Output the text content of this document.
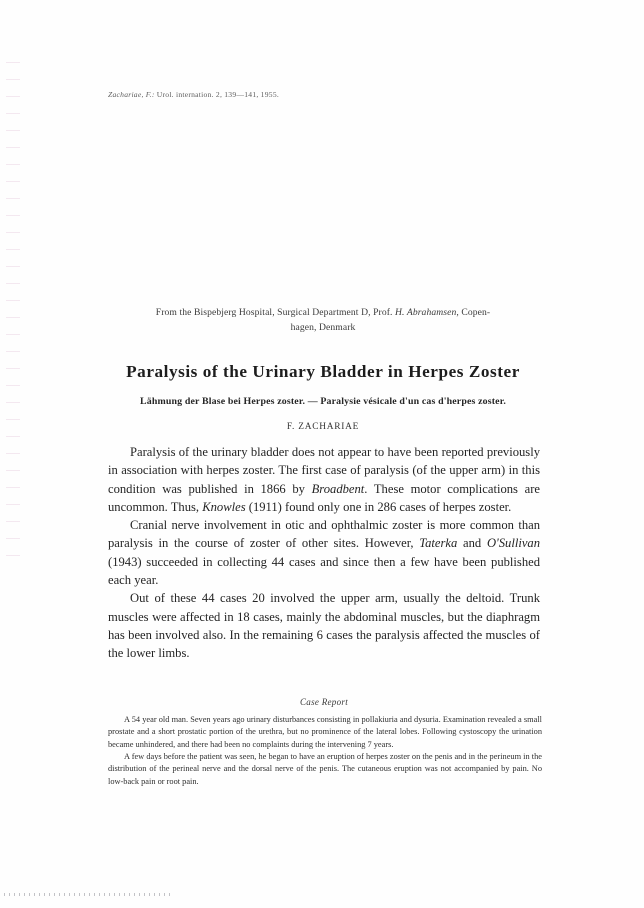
Zachariae, F.: Urol. internation. 2, 139—141, 1955.
From the Bispebjerg Hospital, Surgical Department D, Prof. H. Abrahamsen, Copen-
hagen, Denmark
Paralysis of the Urinary Bladder in Herpes Zoster
Lähmung der Blase bei Herpes zoster. — Paralysie vésicale d'un cas d'herpes zoster.
F. ZACHARIAE

Paralysis of the urinary bladder does not appear to have been reported previously in association with herpes zoster. The first case of paralysis (of the upper arm) in this condition was published in 1866 by Broadbent. These motor complications are uncommon. Thus, Knowles (1911) found only one in 286 cases of herpes zoster.

Cranial nerve involvement in otic and ophthalmic zoster is more common than paralysis in the course of zoster of other sites. However, Taterka and O'Sullivan (1943) succeeded in collecting 44 cases and since then a few have been published each year.

Out of these 44 cases 20 involved the upper arm, usually the deltoid. Trunk muscles were affected in 18 cases, mainly the abdominal muscles, but the diaphragm has been involved also. In the remaining 6 cases the paralysis affected the muscles of the lower limbs.

Case Report

A 54 year old man. Seven years ago urinary disturbances consisting in pollakiuria and dysuria. Examination revealed a small prostate and a short prostatic portion of the urethra, but no prominence of the lateral lobes. Following cystoscopy the urination became unhindered, and there had been no complaints during the intervening 7 years.

A few days before the patient was seen, he began to have an eruption of herpes zoster on the penis and in the perineum in the distribution of the perineal nerve and the dorsal nerve of the penis. The cutaneous eruption was not accompanied by pain. No low-back pain or root pain.
